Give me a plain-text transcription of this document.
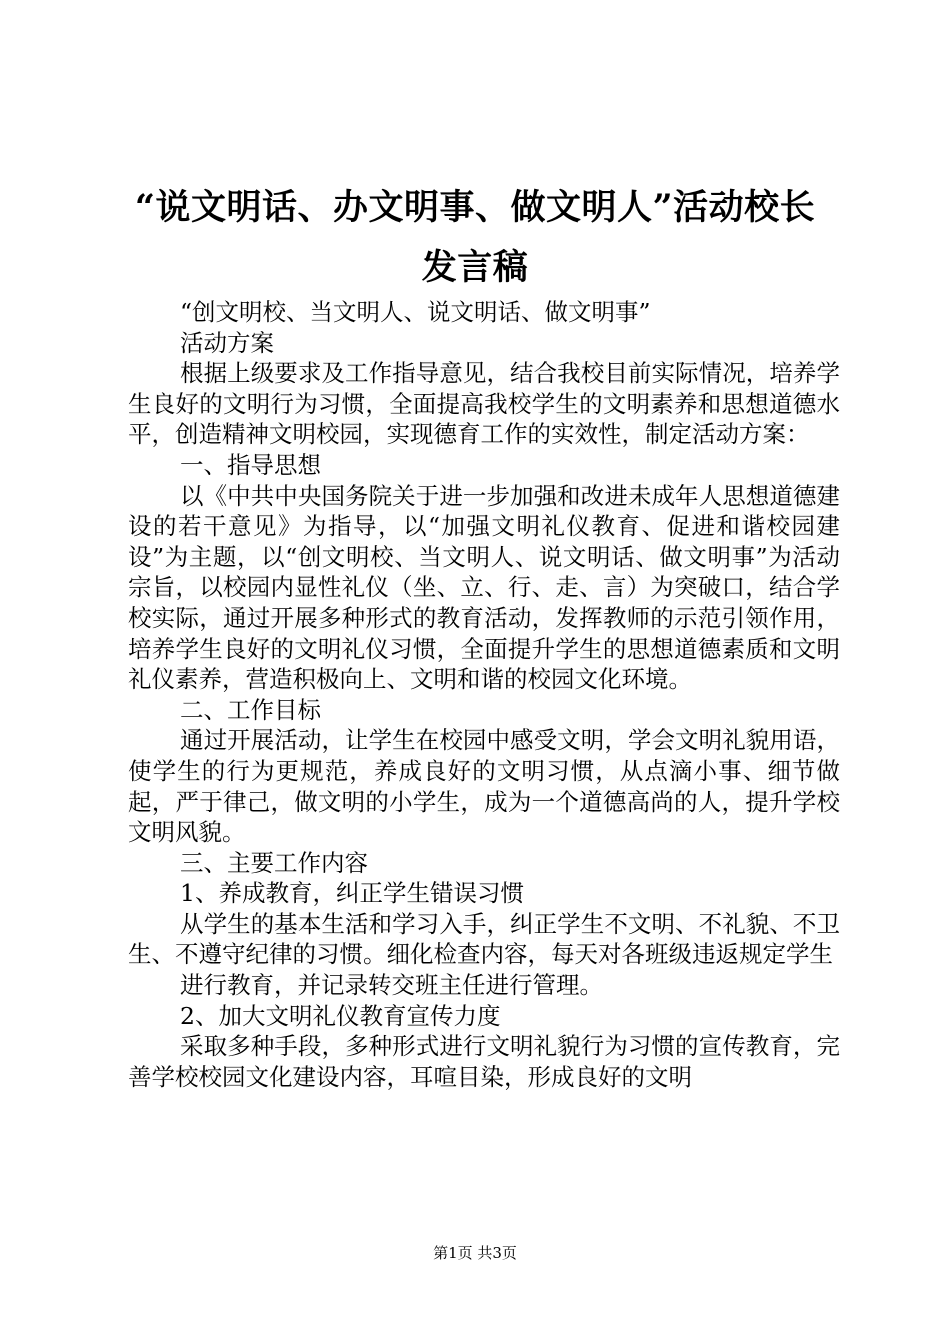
“说文明话、办文明事、做文明人”活动校长
发言稿

“创文明校、当文明人、说文明话、做文明事”

活动方案

根据上级要求及工作指导意见，结合我校目前实际情况，培养学生良好的文明行为习惯，全面提高我校学生的文明素养和思想道德水平，创造精神文明校园，实现德育工作的实效性，制定活动方案：

一、指导思想

以《中共中央国务院关于进一步加强和改进未成年人思想道德建设的若干意见》为指导，以“加强文明礼仪教育、促进和谐校园建设”为主题，以“创文明校、当文明人、说文明话、做文明事”为活动宗旨，以校园内显性礼仪（坐、立、行、走、言）为突破口，结合学校实际，通过开展多种形式的教育活动，发挥教师的示范引领作用，培养学生良好的文明礼仪习惯，全面提升学生的思想道德素质和文明礼仪素养，营造积极向上、文明和谐的校园文化环境。

二、工作目标

通过开展活动，让学生在校园中感受文明，学会文明礼貌用语，使学生的行为更规范，养成良好的文明习惯，从点滴小事、细节做起，严于律己，做文明的小学生，成为一个道德高尚的人，提升学校文明风貌。

三、主要工作内容

1、养成教育，纠正学生错误习惯

从学生的基本生活和学习入手，纠正学生不文明、不礼貌、不卫生、不遵守纪律的习惯。细化检查内容，每天对各班级违返规定学生

进行教育，并记录转交班主任进行管理。

2、加大文明礼仪教育宣传力度

采取多种手段，多种形式进行文明礼貌行为习惯的宣传教育，完善学校校园文化建设内容，耳喧目染，形成良好的文明

第1页 共3页
